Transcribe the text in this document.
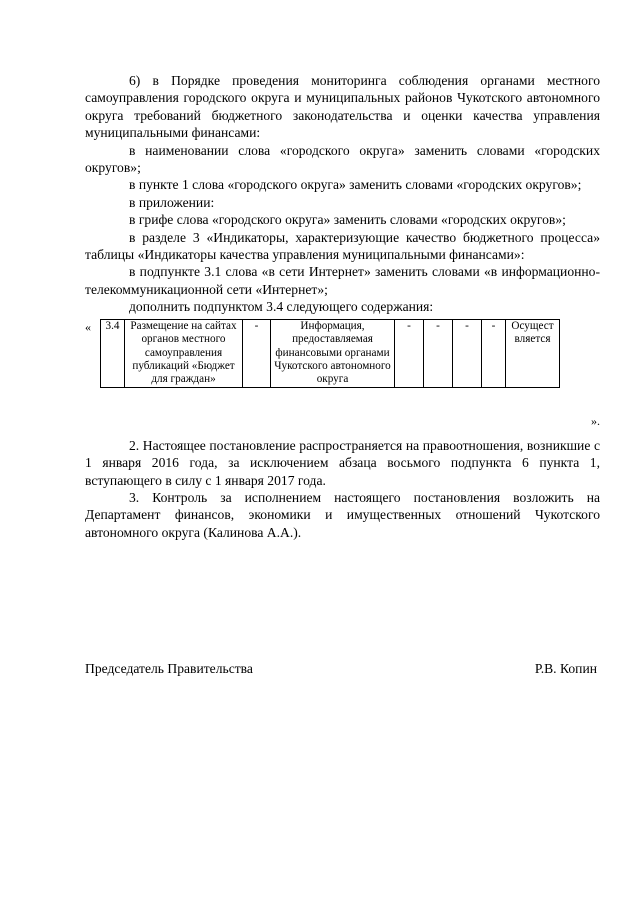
6) в Порядке проведения мониторинга соблюдения органами местного самоуправления городского округа и муниципальных районов Чукотского автономного округа требований бюджетного законодательства и оценки качества управления муниципальными финансами:

в наименовании слова «городского округа» заменить словами «городских округов»;

в пункте 1 слова «городского округа» заменить словами «городских округов»;

в приложении:

в грифе слова «городского округа» заменить словами «городских округов»;

в разделе 3 «Индикаторы, характеризующие качество бюджетного процесса» таблицы «Индикаторы качества управления муниципальными финансами»:

в подпункте 3.1 слова «в сети Интернет» заменить словами «в информационно-телекоммуникационной сети «Интернет»;

дополнить подпунктом 3.4 следующего содержания:

« 3.4	Размещение на сайтах органов местного самоуправления публикаций «Бюджет для граждан»	-	Информация, предоставляемая финансовыми органами Чукотского автономного округа	-	-	-	-	Осущест вляется
».

2. Настоящее постановление распространяется на правоотношения, возникшие с 1 января 2016 года, за исключением абзаца восьмого подпункта 6 пункта 1, вступающего в силу с 1 января 2017 года.

3. Контроль за исполнением настоящего постановления возложить на Департамент финансов, экономики и имущественных отношений Чукотского автономного округа (Калинова А.А.).

Председатель Правительства	Р.В. Копин
